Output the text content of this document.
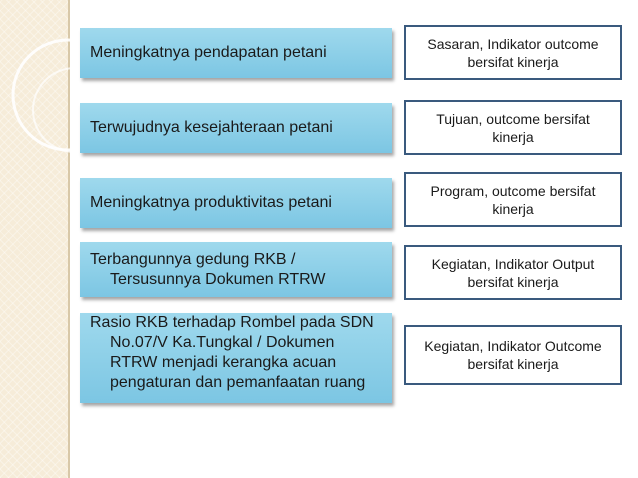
Meningkatnya pendapatan petani
Terwujudnya kesejahteraan petani
Meningkatnya produktivitas petani
Terbangunnya gedung RKB / Tersusunnya Dokumen RTRW
Rasio RKB terhadap Rombel pada SDN No.07/V Ka.Tungkal / Dokumen RTRW menjadi kerangka acuan pengaturan dan pemanfaatan ruang
Sasaran, Indikator outcome bersifat kinerja
Tujuan, outcome bersifat kinerja
Program, outcome bersifat kinerja
Kegiatan, Indikator Output bersifat kinerja
Kegiatan, Indikator Outcome bersifat kinerja
